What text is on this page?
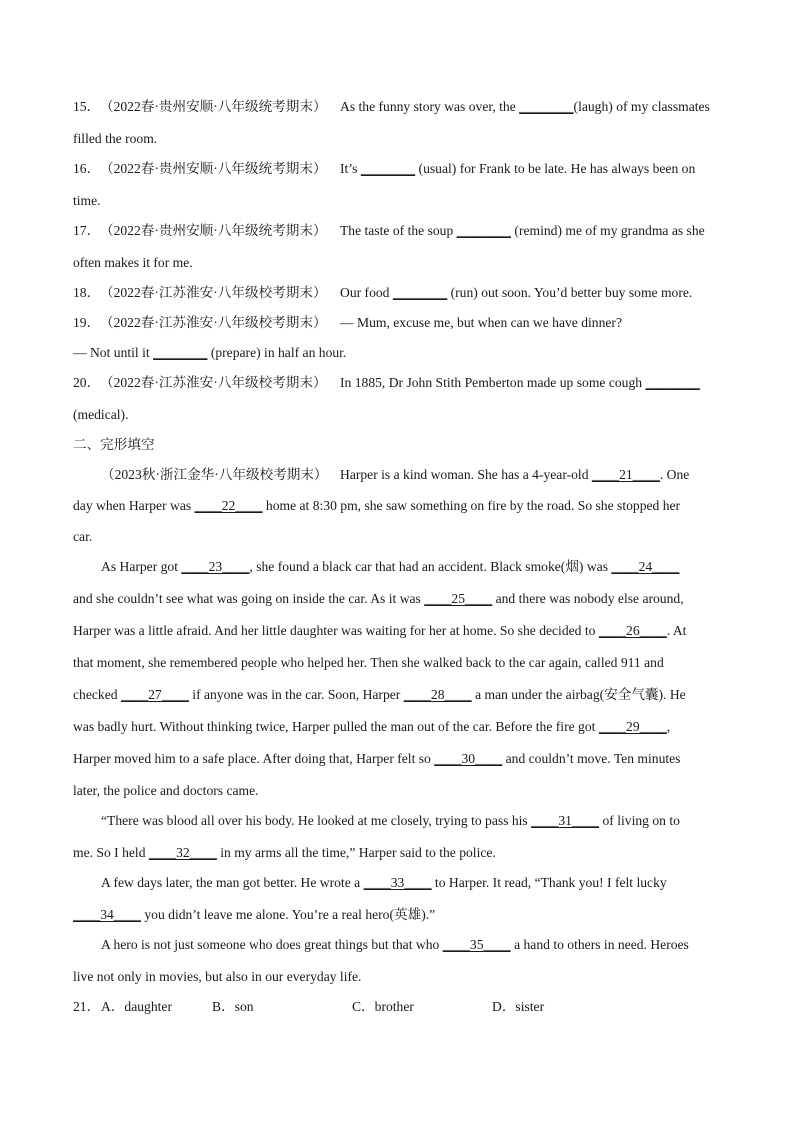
15． （2022春·贵州安顺·八年级统考期末） As the funny story was over, the ________(laugh) of my classmates
filled the room.
16． （2022春·贵州安顺·八年级统考期末） It’s ________ (usual) for Frank to be late. He has always been on
time.
17． （2022春·贵州安顺·八年级统考期末） The taste of the soup ________ (remind) me of my grandma as she
often makes it for me.
18． （2022春·江苏淮安·八年级校考期末） Our food ________ (run) out soon. You’d better buy some more.
19． （2022春·江苏淮安·八年级校考期末） — Mum, excuse me, but when can we have dinner?
— Not until it ________ (prepare) in half an hour.
20． （2022春·江苏淮安·八年级校考期末） In 1885, Dr John Stith Pemberton made up some cough ________
(medical).
二、完形填空
（2023秋·浙江金华·八年级校考期末） Harper is a kind woman. She has a 4-year-old ____21____. One
day when Harper was ____22____ home at 8:30 pm, she saw something on fire by the road. So she stopped her
car.
As Harper got ____23____, she found a black car that had an accident. Black smoke(烟) was ____24____
and she couldn’t see what was going on inside the car. As it was ____25____ and there was nobody else around,
Harper was a little afraid. And her little daughter was waiting for her at home. So she decided to ____26____. At
that moment, she remembered people who helped her. Then she walked back to the car again, called 911 and
checked ____27____ if anyone was in the car. Soon, Harper ____28____ a man under the airbag(安全气囊). He
was badly hurt. Without thinking twice, Harper pulled the man out of the car. Before the fire got ____29____,
Harper moved him to a safe place. After doing that, Harper felt so ____30____ and couldn’t move. Ten minutes
later, the police and doctors came.
“There was blood all over his body. He looked at me closely, trying to pass his ____31____ of living on to
me. So I held ____32____ in my arms all the time,” Harper said to the police.
A few days later, the man got better. He wrote a ____33____ to Harper. It read, “Thank you! I felt lucky
____34____ you didn’t leave me alone. You’re a real hero(英雄).”
A hero is not just someone who does great things but that who ____35____ a hand to others in need. Heroes
live not only in movies, but also in our everyday life.
21． A．daughter	B．son	C．brother	D．sister
